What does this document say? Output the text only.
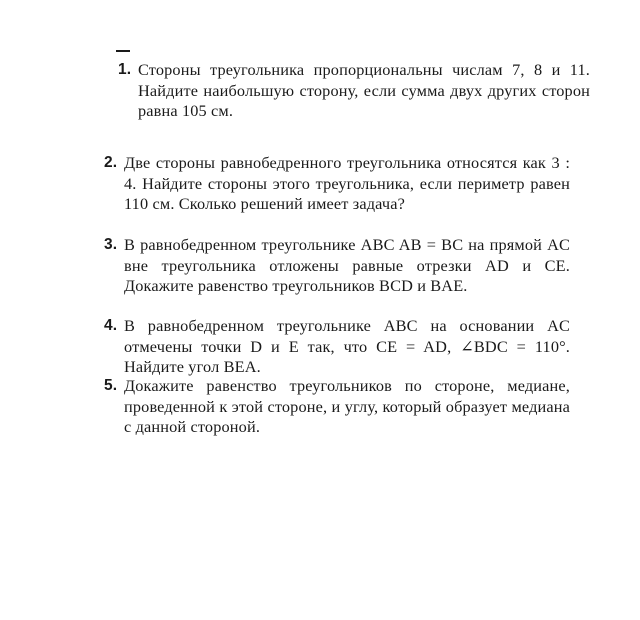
1. Стороны треугольника пропорциональны числам 7, 8 и 11. Найдите наибольшую сторону, если сумма двух других сторон равна 105 см.
2. Две стороны равнобедренного треугольника относятся как 3 : 4. Найдите стороны этого треугольника, если периметр равен 110 см. Сколько решений имеет задача?
3. В равнобедренном треугольнике ABC AB = BC на прямой AC вне треугольника отложены равные отрезки AD и CE. Докажите равенство треугольников BCD и BAE.
4. В равнобедренном треугольнике ABC на основании AC отмечены точки D и E так, что CE = AD, ∠BDC = 110°. Найдите угол BEA.
5. Докажите равенство треугольников по стороне, медиане, проведенной к этой стороне, и углу, который образует медиана с данной стороной.
